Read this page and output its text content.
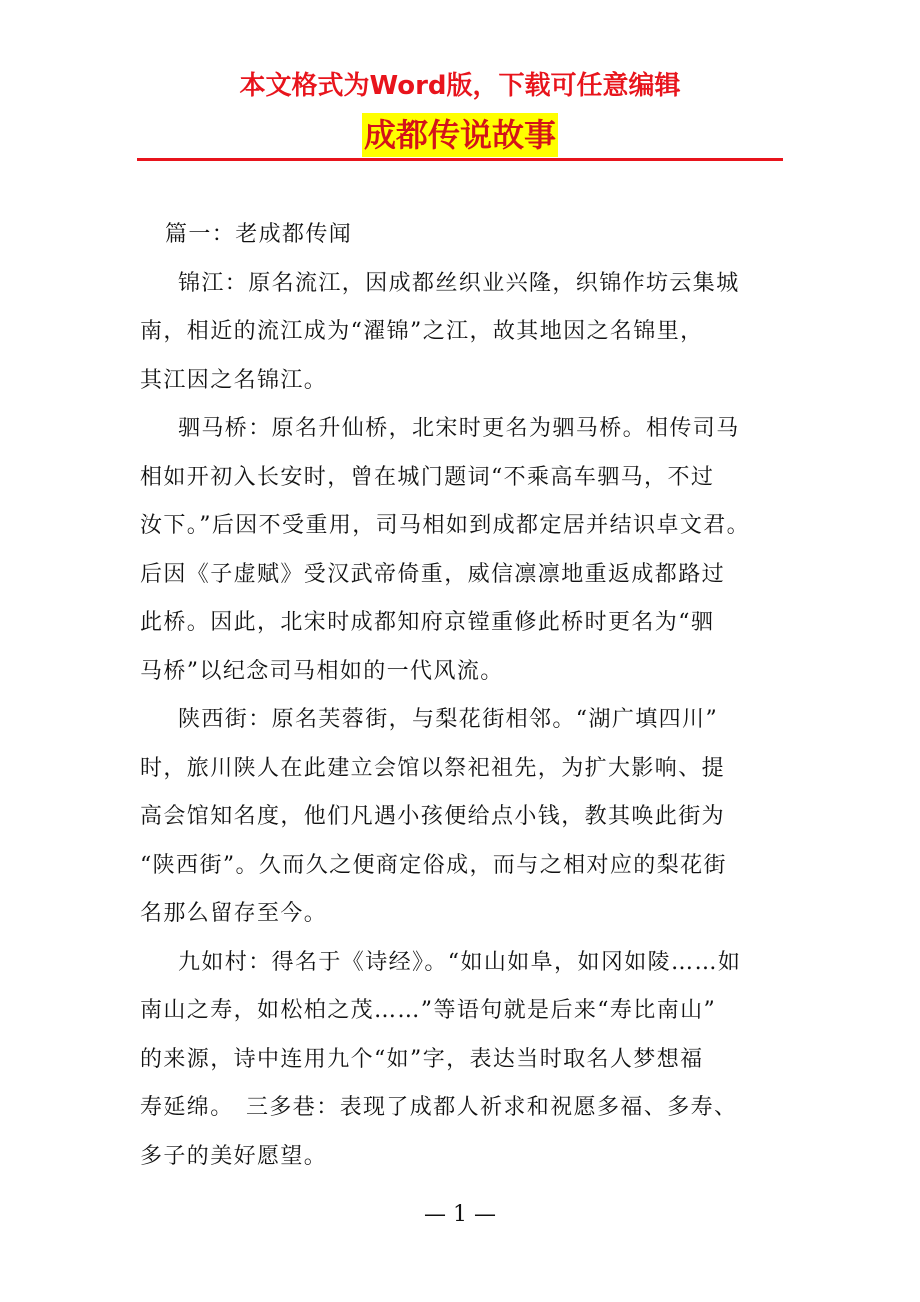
本文格式为Word版，下载可任意编辑
成都传说故事
篇一：老成都传闻
锦江：原名流江，因成都丝织业兴隆，织锦作坊云集城
南，相近的流江成为“濯锦”之江，故其地因之名锦里，
其江因之名锦江。
驷马桥：原名升仙桥，北宋时更名为驷马桥。相传司马
相如开初入长安时，曾在城门题词“不乘高车驷马，不过
汝下。”后因不受重用，司马相如到成都定居并结识卓文君。
后因《子虚赋》受汉武帝倚重，威信凛凛地重返成都路过
此桥。因此，北宋时成都知府京镗重修此桥时更名为“驷
马桥”以纪念司马相如的一代风流。
陕西街：原名芙蓉街，与梨花街相邻。“湖广填四川”
时，旅川陕人在此建立会馆以祭祀祖先，为扩大影响、提
高会馆知名度，他们凡遇小孩便给点小钱，教其唤此街为
“陕西街”。久而久之便商定俗成，而与之相对应的梨花街
名那么留存至今。
九如村：得名于《诗经》。“如山如阜，如冈如陵……如
南山之寿，如松柏之茂……”等语句就是后来“寿比南山”
的来源，诗中连用九个“如”字，表达当时取名人梦想福
寿延绵。　三多巷：表现了成都人祈求和祝愿多福、多寿、
多子的美好愿望。
— 1 —
